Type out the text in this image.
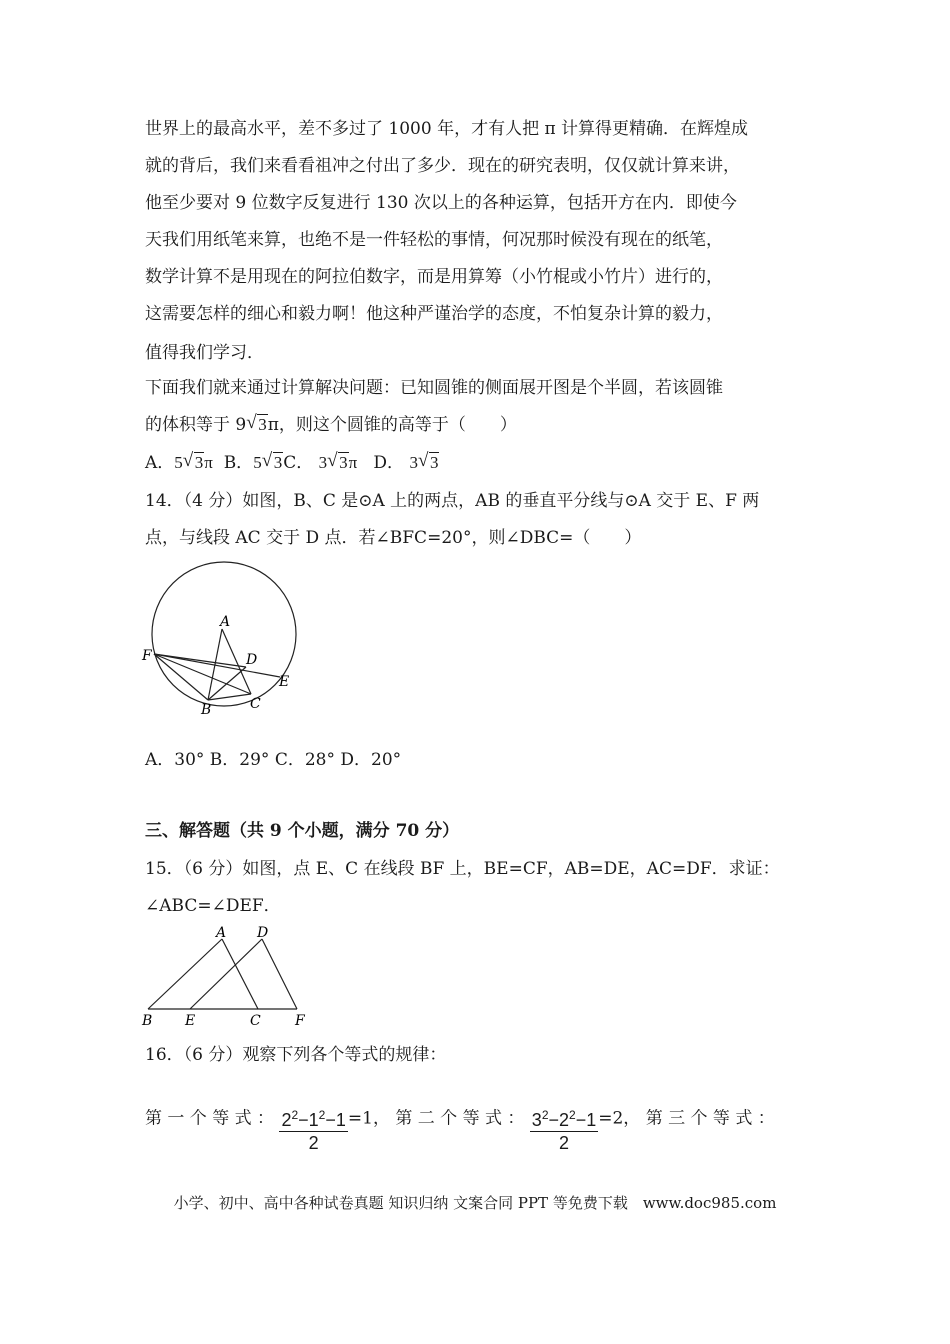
世界上的最高水平，差不多过了 1000 年，才有人把 π 计算得更精确．在辉煌成
就的背后，我们来看看祖冲之付出了多少．现在的研究表明，仅仅就计算来讲，
他至少要对 9 位数字反复进行 130 次以上的各种运算，包括开方在内．即使今
天我们用纸笔来算，也绝不是一件轻松的事情，何况那时候没有现在的纸笔，
数学计算不是用现在的阿拉伯数字，而是用算筹（小竹棍或小竹片）进行的，
这需要怎样的细心和毅力啊！他这种严谨治学的态度，不怕复杂计算的毅力，
值得我们学习．
下面我们就来通过计算解决问题：已知圆锥的侧面展开图是个半圆，若该圆锥
的体积等于 9 √ 3π，则这个圆锥的高等于（　　）
A．5 √ 3π B．5 √ 3C． 3 √ 3π D． 3 √ 3
14．（4 分）如图，B、C 是⊙A 上的两点，AB 的垂直平分线与⊙A 交于 E、F 两
点，与线段 AC 交于 D 点．若∠BFC=20°，则∠DBC=（　　）
A
D
F
E
B	C
A．30° B．29° C．28° D．20°
三、解答题（共 9 个小题，满分 70 分）
15．（6 分）如图，点 E、C 在线段 BF 上，BE=CF，AB=DE，AC=DF．求证：
∠ABC=∠DEF．
A D
B E	C F
16．（6 分）观察下列各个等式的规律：
第 一 个 等 式 ： $\frac{2^2-1^2-1}{2} =1$， 第 二 个 等 式 ： $\frac{3^2-2^2-1}{2} =2$， 第 三 个 等 式 ：
小学、初中、高中各种试卷真题 知识归纳 文案合同 PPT 等免费下载　www.doc985.com
